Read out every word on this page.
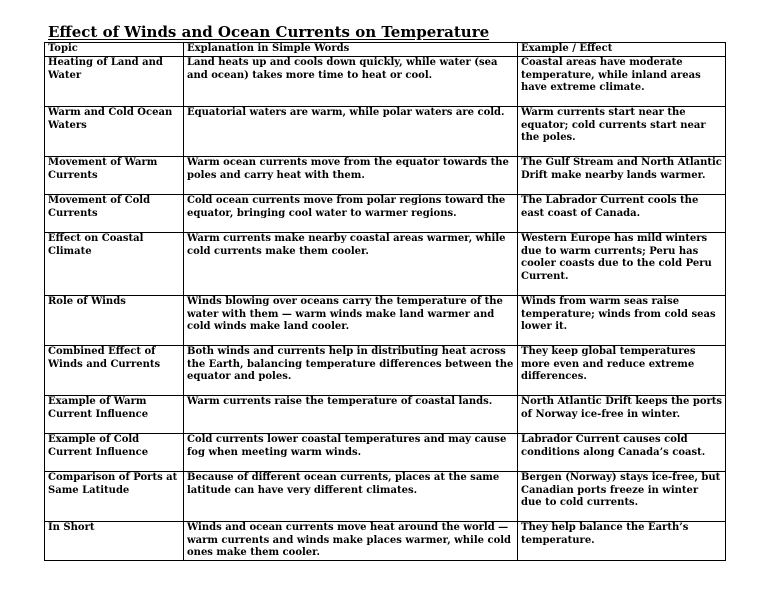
Effect of Winds and Ocean Currents on Temperature
Topic	Explanation in Simple Words	Example / Effect
Heating of Land and Water	Land heats up and cools down quickly, while water (sea and ocean) takes more time to heat or cool.	Coastal areas have moderate temperature, while inland areas have extreme climate.
Warm and Cold Ocean Waters	Equatorial waters are warm, while polar waters are cold.	Warm currents start near the equator; cold currents start near the poles.
Movement of Warm Currents	Warm ocean currents move from the equator towards the poles and carry heat with them.	The Gulf Stream and North Atlantic Drift make nearby lands warmer.
Movement of Cold Currents	Cold ocean currents move from polar regions toward the equator, bringing cool water to warmer regions.	The Labrador Current cools the east coast of Canada.
Effect on Coastal Climate	Warm currents make nearby coastal areas warmer, while cold currents make them cooler.	Western Europe has mild winters due to warm currents; Peru has cooler coasts due to the cold Peru Current.
Role of Winds	Winds blowing over oceans carry the temperature of the water with them — warm winds make land warmer and cold winds make land cooler.	Winds from warm seas raise temperature; winds from cold seas lower it.
Combined Effect of Winds and Currents	Both winds and currents help in distributing heat across the Earth, balancing temperature differences between the equator and poles.	They keep global temperatures more even and reduce extreme differences.
Example of Warm Current Influence	Warm currents raise the temperature of coastal lands.	North Atlantic Drift keeps the ports of Norway ice-free in winter.
Example of Cold Current Influence	Cold currents lower coastal temperatures and may cause fog when meeting warm winds.	Labrador Current causes cold conditions along Canada’s coast.
Comparison of Ports at Same Latitude	Because of different ocean currents, places at the same latitude can have very different climates.	Bergen (Norway) stays ice-free, but Canadian ports freeze in winter due to cold currents.
In Short	Winds and ocean currents move heat around the world — warm currents and winds make places warmer, while cold ones make them cooler.	They help balance the Earth’s temperature.
